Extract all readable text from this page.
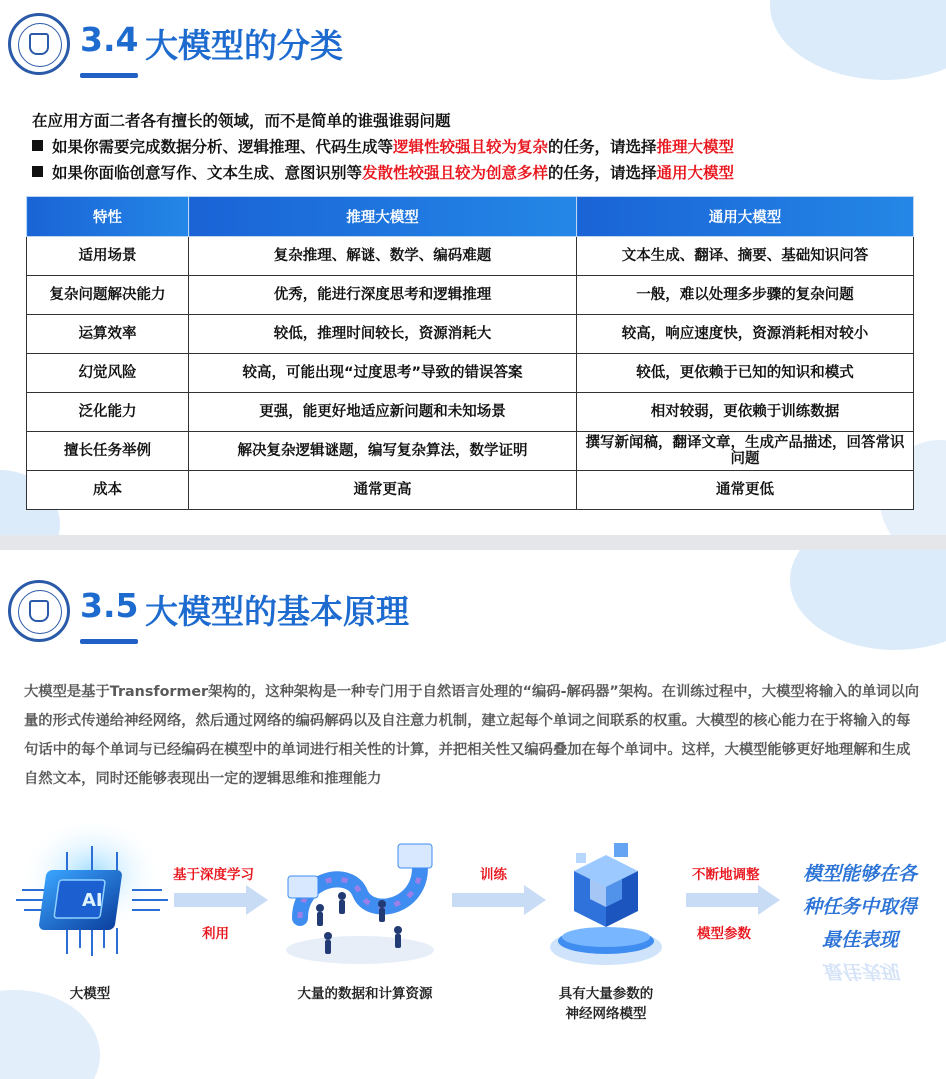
3.4 大模型的分类
在应用方面二者各有擅长的领域，而不是简单的谁强谁弱问题
如果你需要完成数据分析、逻辑推理、代码生成等逻辑性较强且较为复杂的任务，请选择推理大模型
如果你面临创意写作、文本生成、意图识别等发散性较强且较为创意多样的任务，请选择通用大模型
特性	推理大模型	通用大模型
适用场景	复杂推理、解谜、数学、编码难题	文本生成、翻译、摘要、基础知识问答
复杂问题解决能力	优秀，能进行深度思考和逻辑推理	一般，难以处理多步骤的复杂问题
运算效率	较低，推理时间较长，资源消耗大	较高，响应速度快，资源消耗相对较小
幻觉风险	较高，可能出现“过度思考”导致的错误答案	较低，更依赖于已知的知识和模式
泛化能力	更强，能更好地适应新问题和未知场景	相对较弱，更依赖于训练数据
擅长任务举例	解决复杂逻辑谜题，编写复杂算法，数学证明	撰写新闻稿，翻译文章，生成产品描述，回答常识问题
成本	通常更高	通常更低
3.5 大模型的基本原理
大模型是基于Transformer架构的，这种架构是一种专门用于自然语言处理的“编码-解码器”架构。在训练过程中，大模型将输入的单词以向量的形式传递给神经网络，然后通过网络的编码解码以及自注意力机制，建立起每个单词之间联系的权重。大模型的核心能力在于将输入的每句话中的每个单词与已经编码在模型中的单词进行相关性的计算，并把相关性又编码叠加在每个单词中。这样，大模型能够更好地理解和生成自然文本，同时还能够表现出一定的逻辑思维和推理能力
AI
基于深度学习
利用
训练	不断地调整
模型参数
模型能够在各
种任务中取得
最佳表现
最佳表现
大模型	大量的数据和计算资源	具有大量参数的
神经网络模型
